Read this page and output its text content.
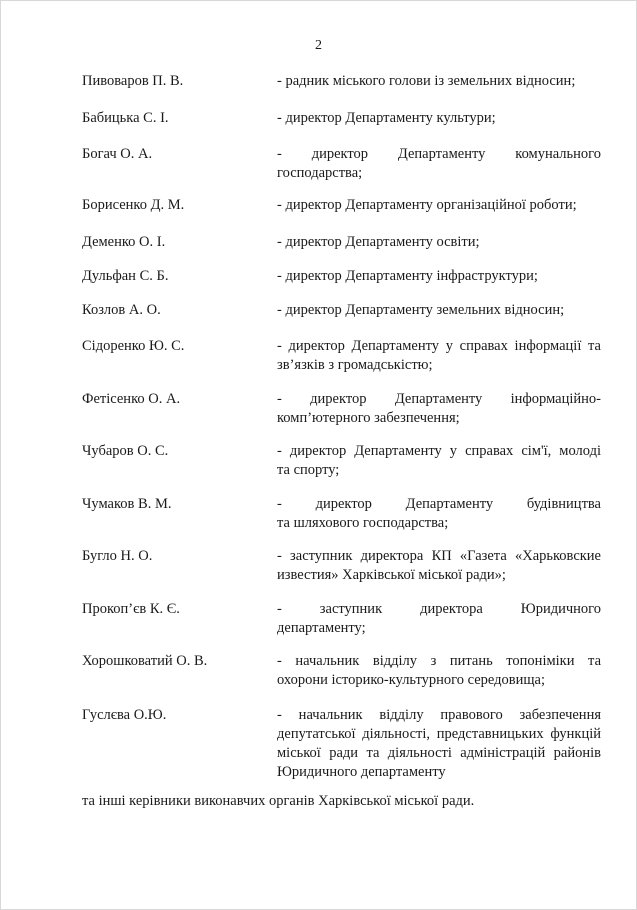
2
Пивоваров П. В.	- радник міського голови із земельних відносин;
Бабицька С. І.	- директор Департаменту культури;
Богач О. А.	- директор Департаменту комунального
господарства;
Борисенко Д. М.	- директор Департаменту організаційної роботи;
Деменко О. І.	- директор Департаменту освіти;
Дульфан С. Б.	- директор Департаменту інфраструктури;
Козлов А. О.	- директор Департаменту земельних відносин;
Сідоренко Ю. С.	- директор Департаменту у справах інформації та
зв’язків з громадськістю;
Фетісенко О. А.	- директор Департаменту інформаційно-
комп’ютерного забезпечення;
Чубаров О. С.	- директор Департаменту у справах сім'ї, молоді
та спорту;
Чумаков В. М.	- директор Департаменту будівництва
та шляхового господарства;
Бугло Н. О.	- заступник директора КП «Газета «Харьковские
известия» Харківської міської ради»;
Прокоп’єв К. Є.	- заступник директора Юридичного
департаменту;
Хорошковатий О. В.	- начальник відділу з питань топоніміки та
охорони історико-культурного середовища;
Гуслєва О.Ю.	- начальник відділу правового забезпечення
депутатської діяльності, представницьких функцій міської ради та діяльності адміністрацій районів Юридичного департаменту
та інші керівники виконавчих органів Харківської міської ради.
